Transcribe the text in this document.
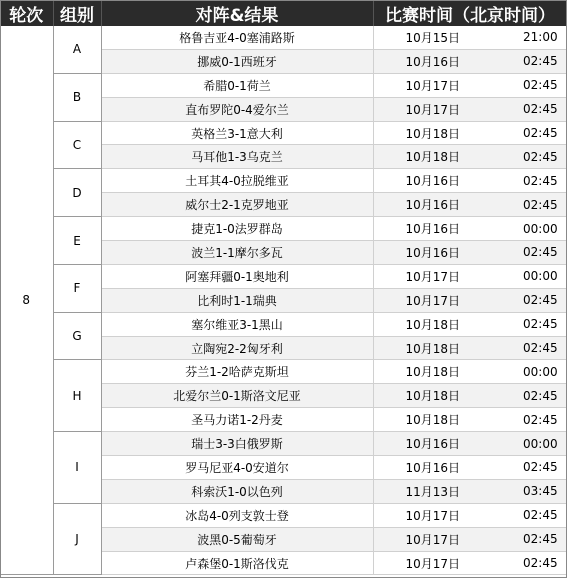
轮次	组别	对阵&结果	比赛时间（北京时间）	
8	A	格鲁吉亚4-0塞浦路斯	10月15日	21:00
		挪威0-1西班牙	10月16日	02:45
	B	希腊0-1荷兰	10月17日	02:45
		直布罗陀0-4爱尔兰	10月17日	02:45
	C	英格兰3-1意大利	10月18日	02:45
		马耳他1-3乌克兰	10月18日	02:45
	D	土耳其4-0拉脱维亚	10月16日	02:45
		威尔士2-1克罗地亚	10月16日	02:45
	E	捷克1-0法罗群岛	10月16日	00:00
		波兰1-1摩尔多瓦	10月16日	02:45
	F	阿塞拜疆0-1奥地利	10月17日	00:00
		比利时1-1瑞典	10月17日	02:45
	G	塞尔维亚3-1黑山	10月18日	02:45
		立陶宛2-2匈牙利	10月18日	02:45
	H	芬兰1-2哈萨克斯坦	10月18日	00:00
		北爱尔兰0-1斯洛文尼亚	10月18日	02:45
		圣马力诺1-2丹麦	10月18日	02:45
	I	瑞士3-3白俄罗斯	10月16日	00:00
		罗马尼亚4-0安道尔	10月16日	02:45
		科索沃1-0以色列	11月13日	03:45
	J	冰岛4-0列支敦士登	10月17日	02:45
		波黑0-5葡萄牙	10月17日	02:45
		卢森堡0-1斯洛伐克	10月17日	02:45
